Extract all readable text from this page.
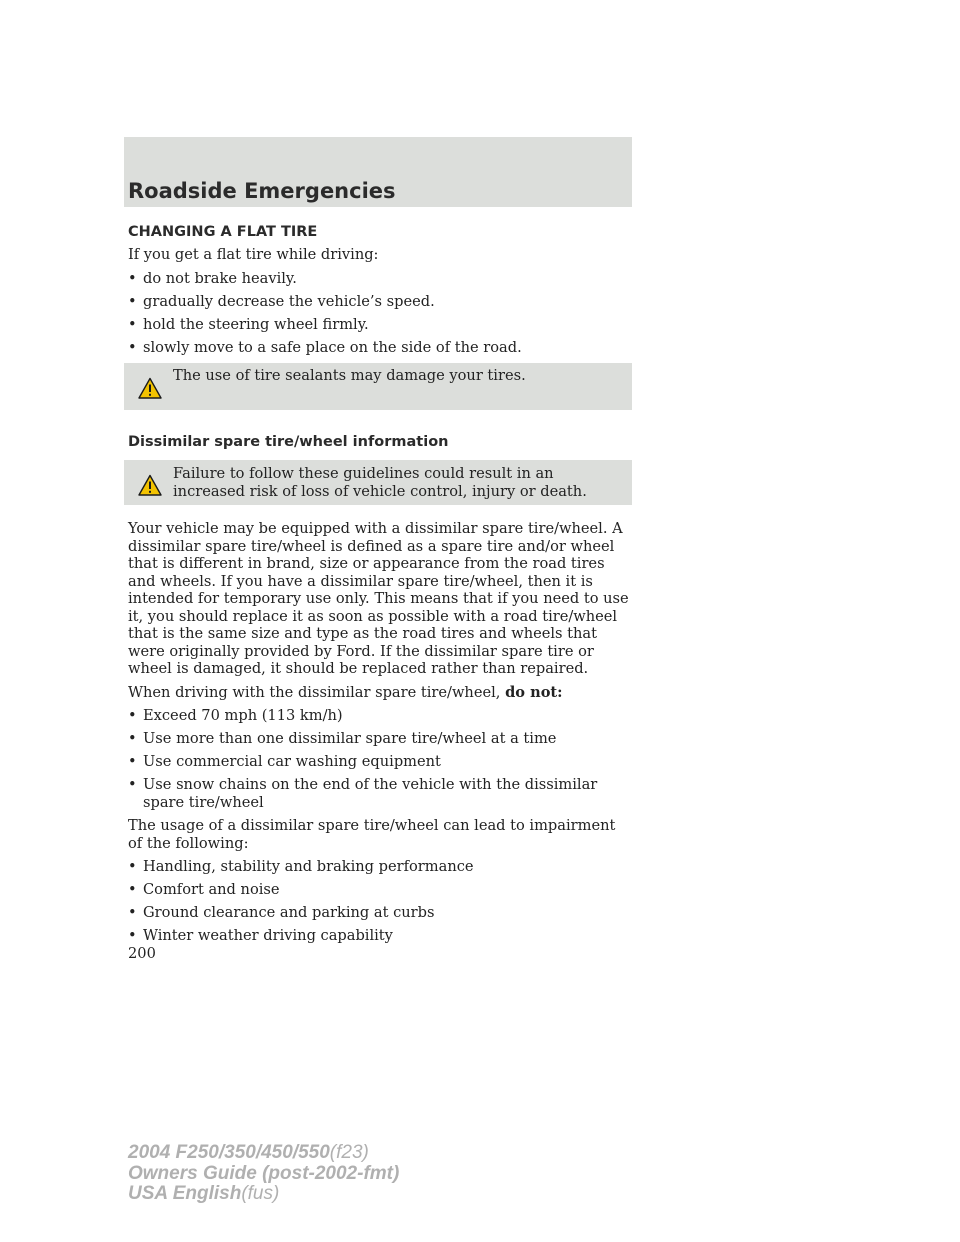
Roadside Emergencies
CHANGING A FLAT TIRE

If you get a flat tire while driving:

• do not brake heavily.
• gradually decrease the vehicle’s speed.
• hold the steering wheel firmly.
• slowly move to a safe place on the side of the road.
The use of tire sealants may damage your tires.
Dissimilar spare tire/wheel information
Failure to follow these guidelines could result in an increased risk of loss of vehicle control, injury or death.

Your vehicle may be equipped with a dissimilar spare tire/wheel. A dissimilar spare tire/wheel is defined as a spare tire and/or wheel that is different in brand, size or appearance from the road tires and wheels. If you have a dissimilar spare tire/wheel, then it is intended for temporary use only. This means that if you need to use it, you should replace it as soon as possible with a road tire/wheel that is the same size and type as the road tires and wheels that were originally provided by Ford. If the dissimilar spare tire or wheel is damaged, it should be replaced rather than repaired.

When driving with the dissimilar spare tire/wheel, do not:

• Exceed 70 mph (113 km/h)
• Use more than one dissimilar spare tire/wheel at a time
• Use commercial car washing equipment
• Use snow chains on the end of the vehicle with the dissimilar spare tire/wheel

The usage of a dissimilar spare tire/wheel can lead to impairment of the following:

• Handling, stability and braking performance
• Comfort and noise
• Ground clearance and parking at curbs
• Winter weather driving capability
200
2004 F250/350/450/550(f23)
Owners Guide (post-2002-fmt)
USA English(fus)
